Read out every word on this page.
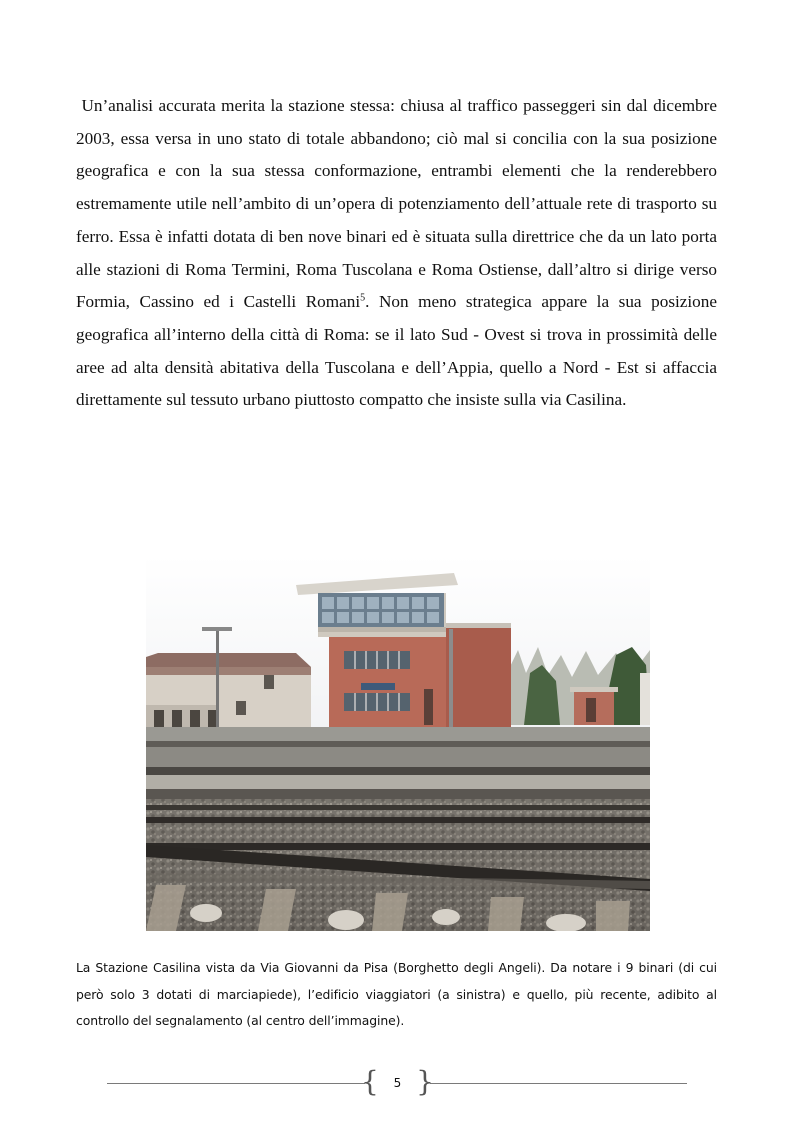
Un’analisi accurata merita la stazione stessa: chiusa al traffico passeggeri sin dal dicembre 2003, essa versa in uno stato di totale abbandono; ciò mal si concilia con la sua posizione geografica e con la sua stessa conformazione, entrambi elementi che la renderebbero estremamente utile nell’ambito di un’opera di potenziamento dell’attuale rete di trasporto su ferro. Essa è infatti dotata di ben nove binari ed è situata sulla direttrice che da un lato porta alle stazioni di Roma Termini, Roma Tuscolana e Roma Ostiense, dall’altro si dirige verso Formia, Cassino ed i Castelli Romani$^5$. Non meno strategica appare la sua posizione geografica all’interno della città di Roma: se il lato Sud - Ovest si trova in prossimità delle aree ad alta densità abitativa della Tuscolana e dell’Appia, quello a Nord - Est si affaccia direttamente sul tessuto urbano piuttosto compatto che insiste sulla via Casilina.

La Stazione Casilina vista da Via Giovanni da Pisa (Borghetto degli Angeli). Da notare i 9 binari (di cui però solo 3 dotati di marciapiede), l’edificio viaggiatori (a sinistra) e quello, più recente, adibito al controllo del segnalamento (al centro dell’immagine).

{	5 }
